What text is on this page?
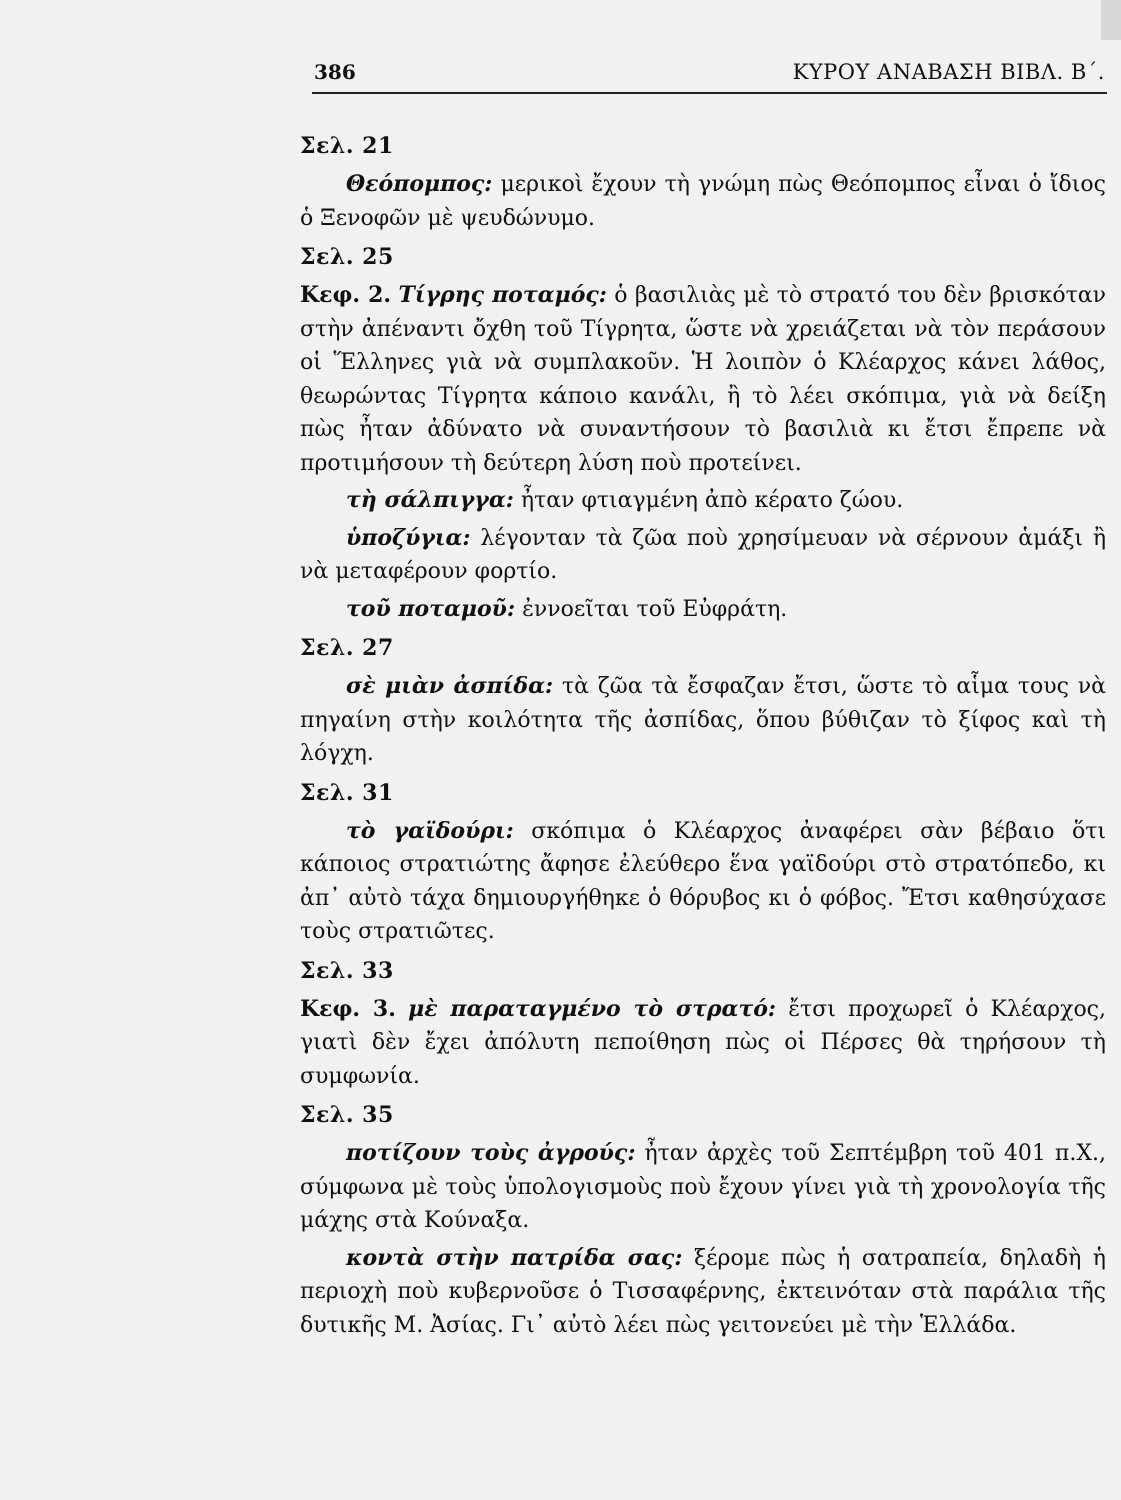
386	ΚΥΡΟΥ ΑΝΑΒΑΣΗ ΒΙΒΛ. Β΄.
Σελ. 21

Θεόπομπος: μερικοὶ ἔχουν τὴ γνώμη πὼς Θεόπομπος εἶναι ὁ ἴδιος ὁ Ξενοφῶν μὲ ψευδώνυμο.

Σελ. 25

Κεφ. 2. Τίγρης ποταμός: ὁ βασιλιὰς μὲ τὸ στρατό του δὲν βρισκόταν στὴν ἀπέναντι ὄχθη τοῦ Τίγρητα, ὥστε νὰ χρειάζεται νὰ τὸν περάσουν οἱ Ἕλληνες γιὰ νὰ συμπλακοῦν. Ἡ λοιπὸν ὁ Κλέαρχος κάνει λάθος, θεωρώντας Τίγρητα κάποιο κανάλι, ἢ τὸ λέει σκόπιμα, γιὰ νὰ δείξη πὼς ἦταν ἀδύνατο νὰ συναντήσουν τὸ βασιλιὰ κι ἔτσι ἔπρεπε νὰ προτιμήσουν τὴ δεύτερη λύση ποὺ προτείνει.

τὴ σάλπιγγα: ἦταν φτιαγμένη ἀπὸ κέρατο ζώου.

ὑποζύγια: λέγονταν τὰ ζῶα ποὺ χρησίμευαν νὰ σέρνουν ἁμάξι ἢ νὰ μεταφέρουν φορτίο.

τοῦ ποταμοῦ: ἐννοεῖται τοῦ Εὐφράτη.

Σελ. 27

σὲ μιὰν ἀσπίδα: τὰ ζῶα τὰ ἔσφαζαν ἔτσι, ὥστε τὸ αἷμα τους νὰ πηγαίνη στὴν κοιλότητα τῆς ἀσπίδας, ὅπου βύθιζαν τὸ ξίφος καὶ τὴ λόγχη.

Σελ. 31

τὸ γαϊδούρι: σκόπιμα ὁ Κλέαρχος ἀναφέρει σὰν βέβαιο ὅτι κάποιος στρατιώτης ἄφησε ἐλεύθερο ἕνα γαϊδούρι στὸ στρατόπεδο, κι ἀπ᾽ αὐτὸ τάχα δημιουργήθηκε ὁ θόρυβος κι ὁ φόβος. Ἔτσι καθησύχασε τοὺς στρατιῶτες.

Σελ. 33

Κεφ. 3. μὲ παραταγμένο τὸ στρατό: ἔτσι προχωρεῖ ὁ Κλέαρχος, γιατὶ δὲν ἔχει ἀπόλυτη πεποίθηση πὼς οἱ Πέρσες θὰ τηρήσουν τὴ συμφωνία.

Σελ. 35

ποτίζουν τοὺς ἀγρούς: ἦταν ἀρχὲς τοῦ Σεπτέμβρη τοῦ 401 π.Χ., σύμφωνα μὲ τοὺς ὑπολογισμοὺς ποὺ ἔχουν γίνει γιὰ τὴ χρονολογία τῆς μάχης στὰ Κούναξα.

κοντὰ στὴν πατρίδα σας: ξέρομε πὼς ἡ σατραπεία, δηλαδὴ ἡ περιοχὴ ποὺ κυβερνοῦσε ὁ Τισσαφέρνης, ἐκτεινόταν στὰ παράλια τῆς δυτικῆς Μ. Ἀσίας. Γι᾽ αὐτὸ λέει πὼς γειτονεύει μὲ τὴν Ἑλλάδα.
